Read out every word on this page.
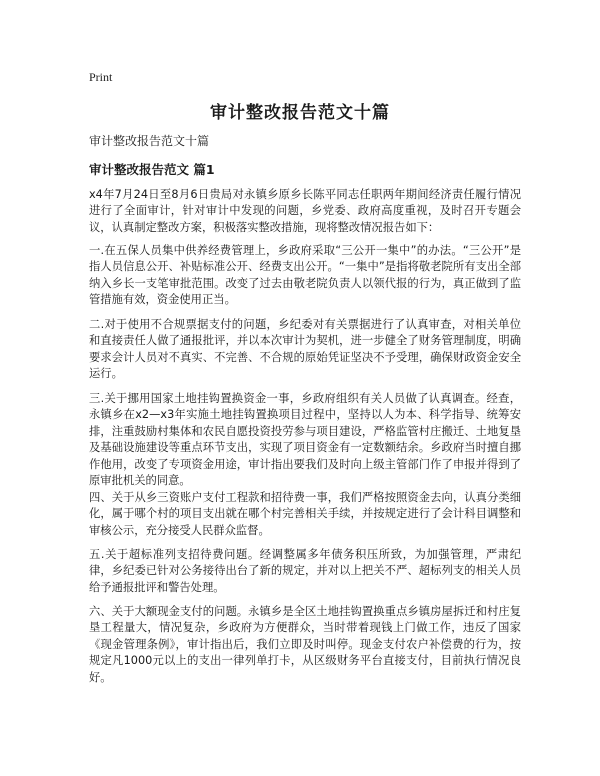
Print
审计整改报告范文十篇
审计整改报告范文十篇
审计整改报告范文 篇1

x4年7月24日至8月6日贵局对永镇乡原乡长陈平同志任职两年期间经济责任履行情况进行了全面审计，针对审计中发现的问题，乡党委、政府高度重视，及时召开专题会议，认真制定整改方案，积极落实整改措施，现将整改情况报告如下：

一.在五保人员集中供养经费管理上，乡政府采取“三公开一集中”的办法。“三公开”是指人员信息公开、补贴标准公开、经费支出公开。“一集中”是指将敬老院所有支出全部纳入乡长一支笔审批范围。改变了过去由敬老院负责人以领代报的行为，真正做到了监管措施有效，资金使用正当。

二.对于使用不合规票据支付的问题，乡纪委对有关票据进行了认真审查，对相关单位和直接责任人做了通报批评，并以本次审计为契机，进一步健全了财务管理制度，明确要求会计人员对不真实、不完善、不合规的原始凭证坚决不予受理，确保财政资金安全运行。

三.关于挪用国家土地挂钩置换资金一事，乡政府组织有关人员做了认真调查。经查，永镇乡在x2—x3年实施土地挂钩置换项目过程中，坚持以人为本、科学指导、统筹安排，注重鼓励村集体和农民自愿投资投劳参与项目建设，严格监管村庄搬迁、土地复垦及基础设施建设等重点环节支出，实现了项目资金有一定数额结余。乡政府当时擅自挪作他用，改变了专项资金用途，审计指出要我们及时向上级主管部门作了申报并得到了原审批机关的同意。

四、关于从乡三资账户支付工程款和招待费一事，我们严格按照资金去向，认真分类细化，属于哪个村的项目支出就在哪个村完善相关手续，并按规定进行了会计科目调整和审核公示，充分接受人民群众监督。

五.关于超标准列支招待费问题。经调整属多年债务积压所致，为加强管理，严肃纪律，乡纪委已针对公务接待出台了新的规定，并对以上把关不严、超标列支的相关人员给予通报批评和警告处理。

六、关于大额现金支付的问题。永镇乡是全区土地挂钩置换重点乡镇房屋拆迁和村庄复垦工程量大，情况复杂，乡政府为方便群众，当时带着现钱上门做工作，违反了国家《现金管理条例》，审计指出后，我们立即及时叫停。现金支付农户补偿费的行为，按规定凡1000元以上的支出一律列单打卡，从区级财务平台直接支付，目前执行情况良好。
